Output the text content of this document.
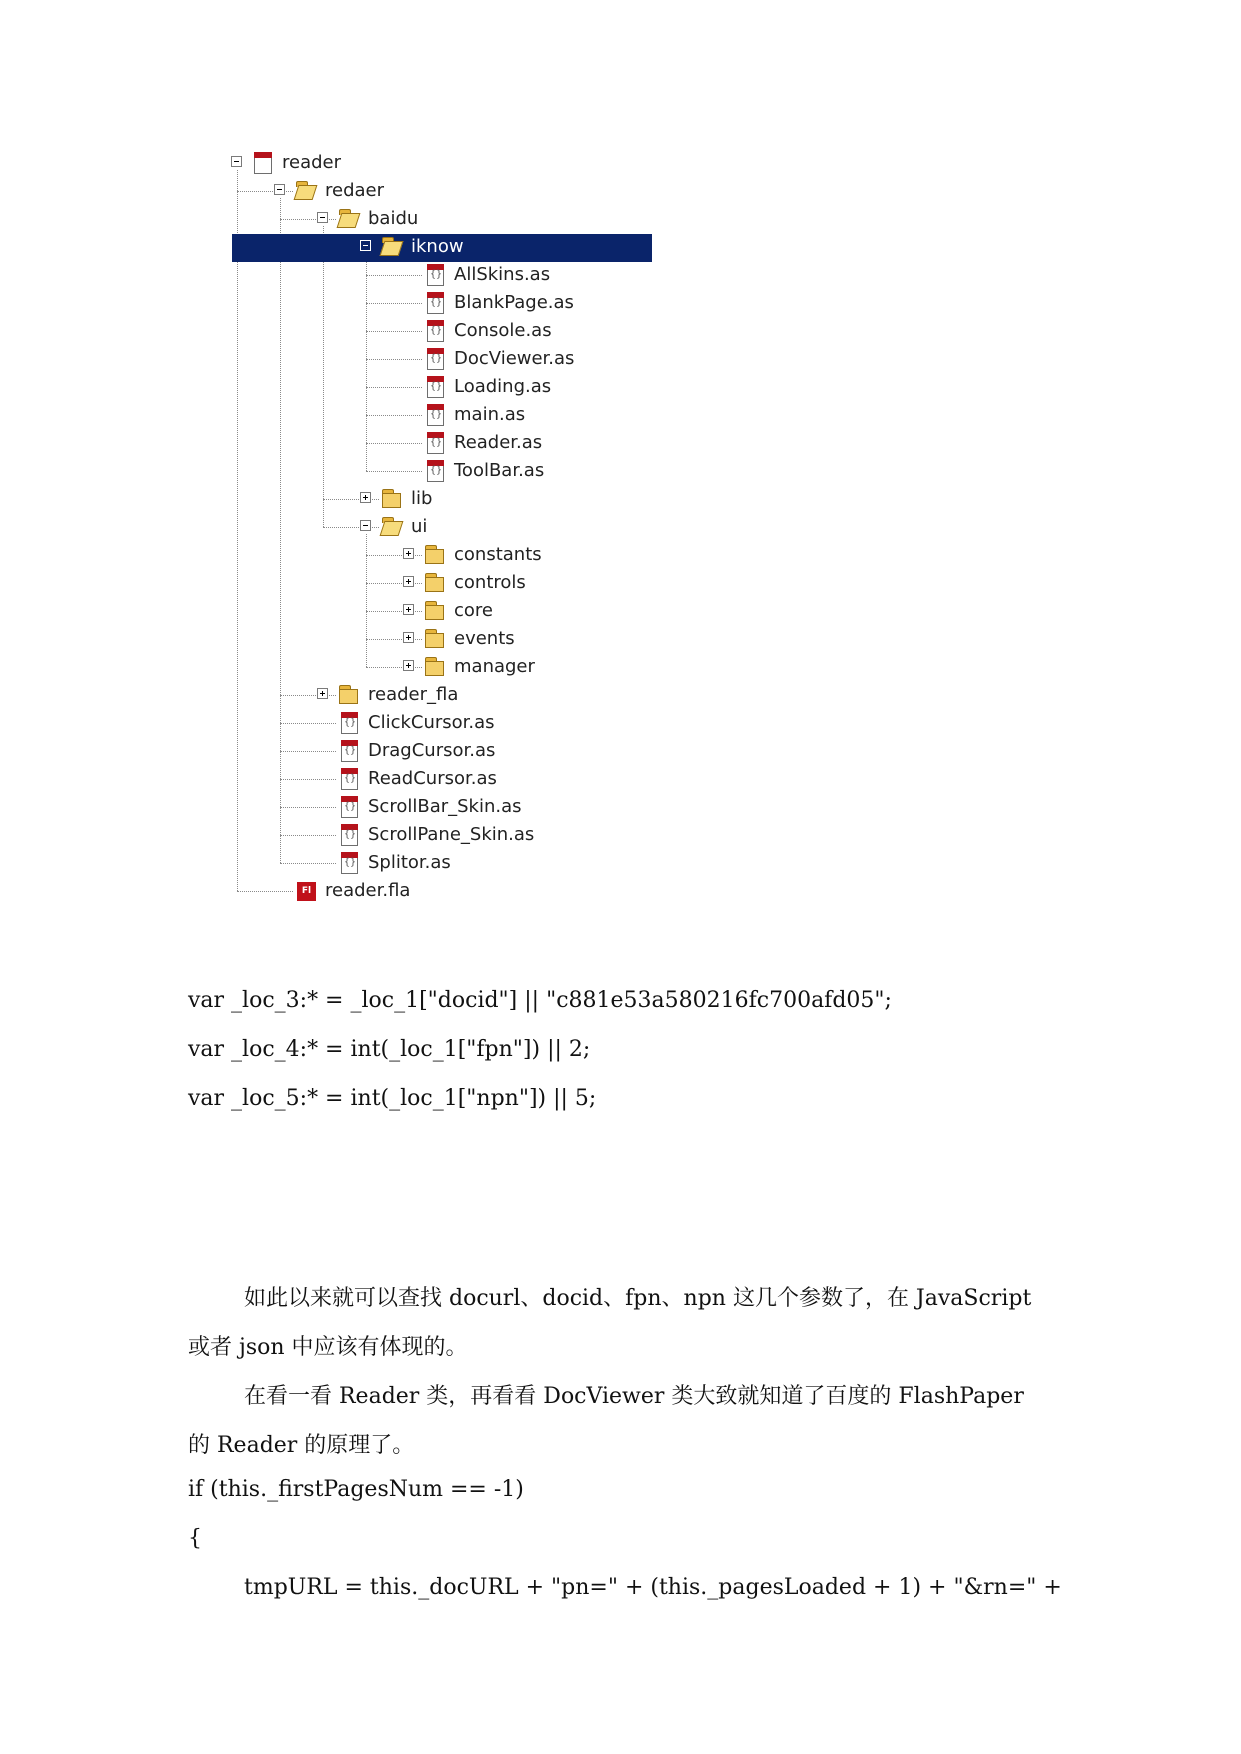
reader
redaer
baidu
iknow
{}
AllSkins.as
{}
BlankPage.as
{}
Console.as
{}
DocViewer.as
{}
Loading.as
{}
main.as
{}
Reader.as
{}
ToolBar.as
lib
ui
constants
controls
core
events
manager
reader_fla
{}
ClickCursor.as
{}
DragCursor.as
{}
ReadCursor.as
{}
ScrollBar_Skin.as
{}
ScrollPane_Skin.as
{}
Splitor.as
Fl
reader.fla
var _loc_3:* = _loc_1["docid"] || "c881e53a580216fc700afd05";
var _loc_4:* = int(_loc_1["fpn"]) || 2;
var _loc_5:* = int(_loc_1["npn"]) || 5;
如此以来就可以查找 docurl、docid、fpn、npn 这几个参数了，在 JavaScript
或者 json 中应该有体现的。
在看一看 Reader 类，再看看 DocViewer 类大致就知道了百度的 FlashPaper
的 Reader 的原理了。
if (this._firstPagesNum == -1)
{
tmpURL = this._docURL + "pn=" + (this._pagesLoaded + 1) + "&rn=" +
